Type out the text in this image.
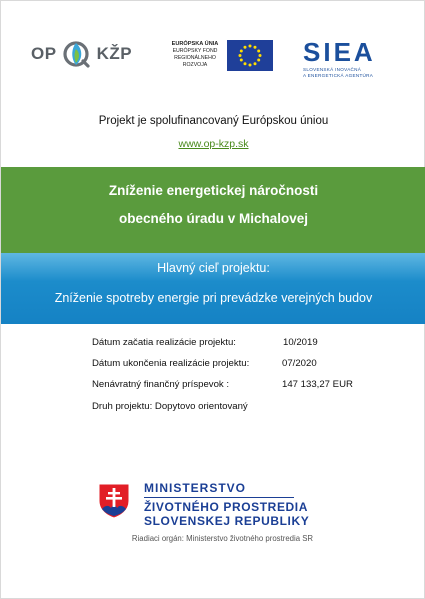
OP KŽP	EURÓPSKA ÚNIA
EURÓPSKY FOND
REGIONÁLNEHO ROZVOJA	SIEA
SLOVENSKÁ INOVAČNÁ
A ENERGETICKÁ AGENTÚRA
Projekt je spolufinancovaný Európskou úniou
www.op-kzp.sk
Zníženie energetickej náročnosti
obecného úradu v Michalovej
Hlavný cieľ projektu:
Zníženie spotreby energie pri prevádzke verejných budov
Dátum začatia realizácie projektu:	10/2019
Dátum ukončenia realizácie projektu:	07/2020
Nenávratný finančný príspevok :	147 133,27 EUR
Druh projektu: Dopytovo orientovaný
MINISTERSTVO
ŽIVOTNÉHO PROSTREDIA
SLOVENSKEJ REPUBLIKY
Riadiaci orgán: Ministerstvo životného prostredia SR
